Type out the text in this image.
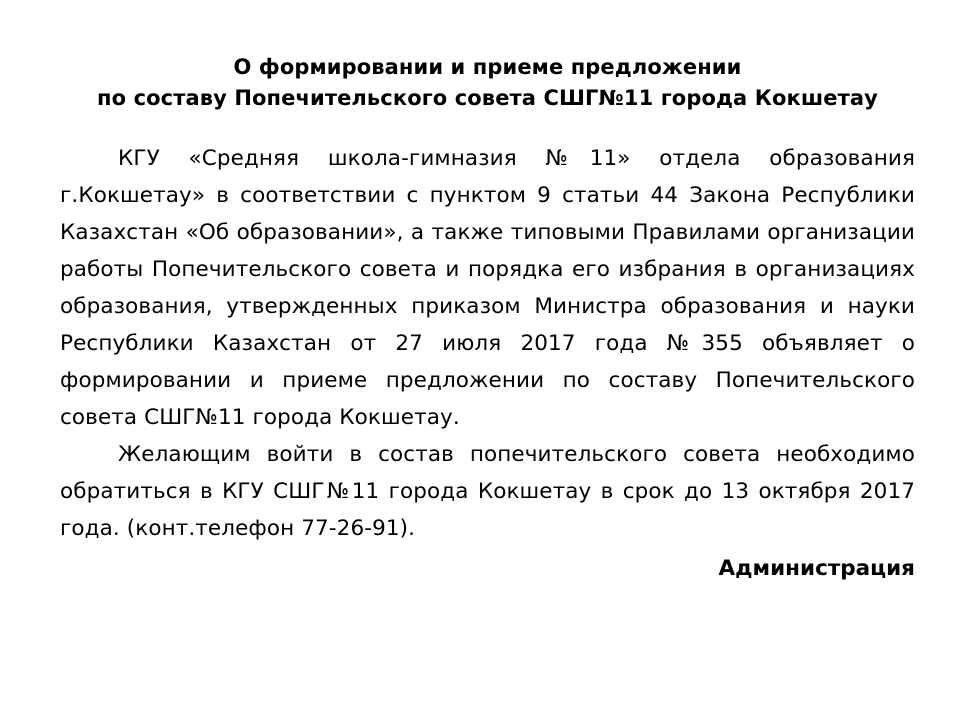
О формировании и приеме предложении
по составу Попечительского совета СШГ№11 города Кокшетау

КГУ «Средняя школа-гимназия №11» отдела образования г.Кокшетау» в соответствии с пунктом 9 статьи 44 Закона Республики Казахстан «Об образовании», а также типовыми Правилами организации работы Попечительского совета и порядка его избрания в организациях образования, утвержденных приказом Министра образования и науки Республики Казахстан от 27 июля 2017 года №355 объявляет о формировании и приеме предложении по составу Попечительского совета СШГ№11 города Кокшетау.

Желающим войти в состав попечительского совета необходимо обратиться в КГУ СШГ№11 города Кокшетау в срок до 13 октября 2017 года. (конт.телефон 77-26-91).

Администрация
